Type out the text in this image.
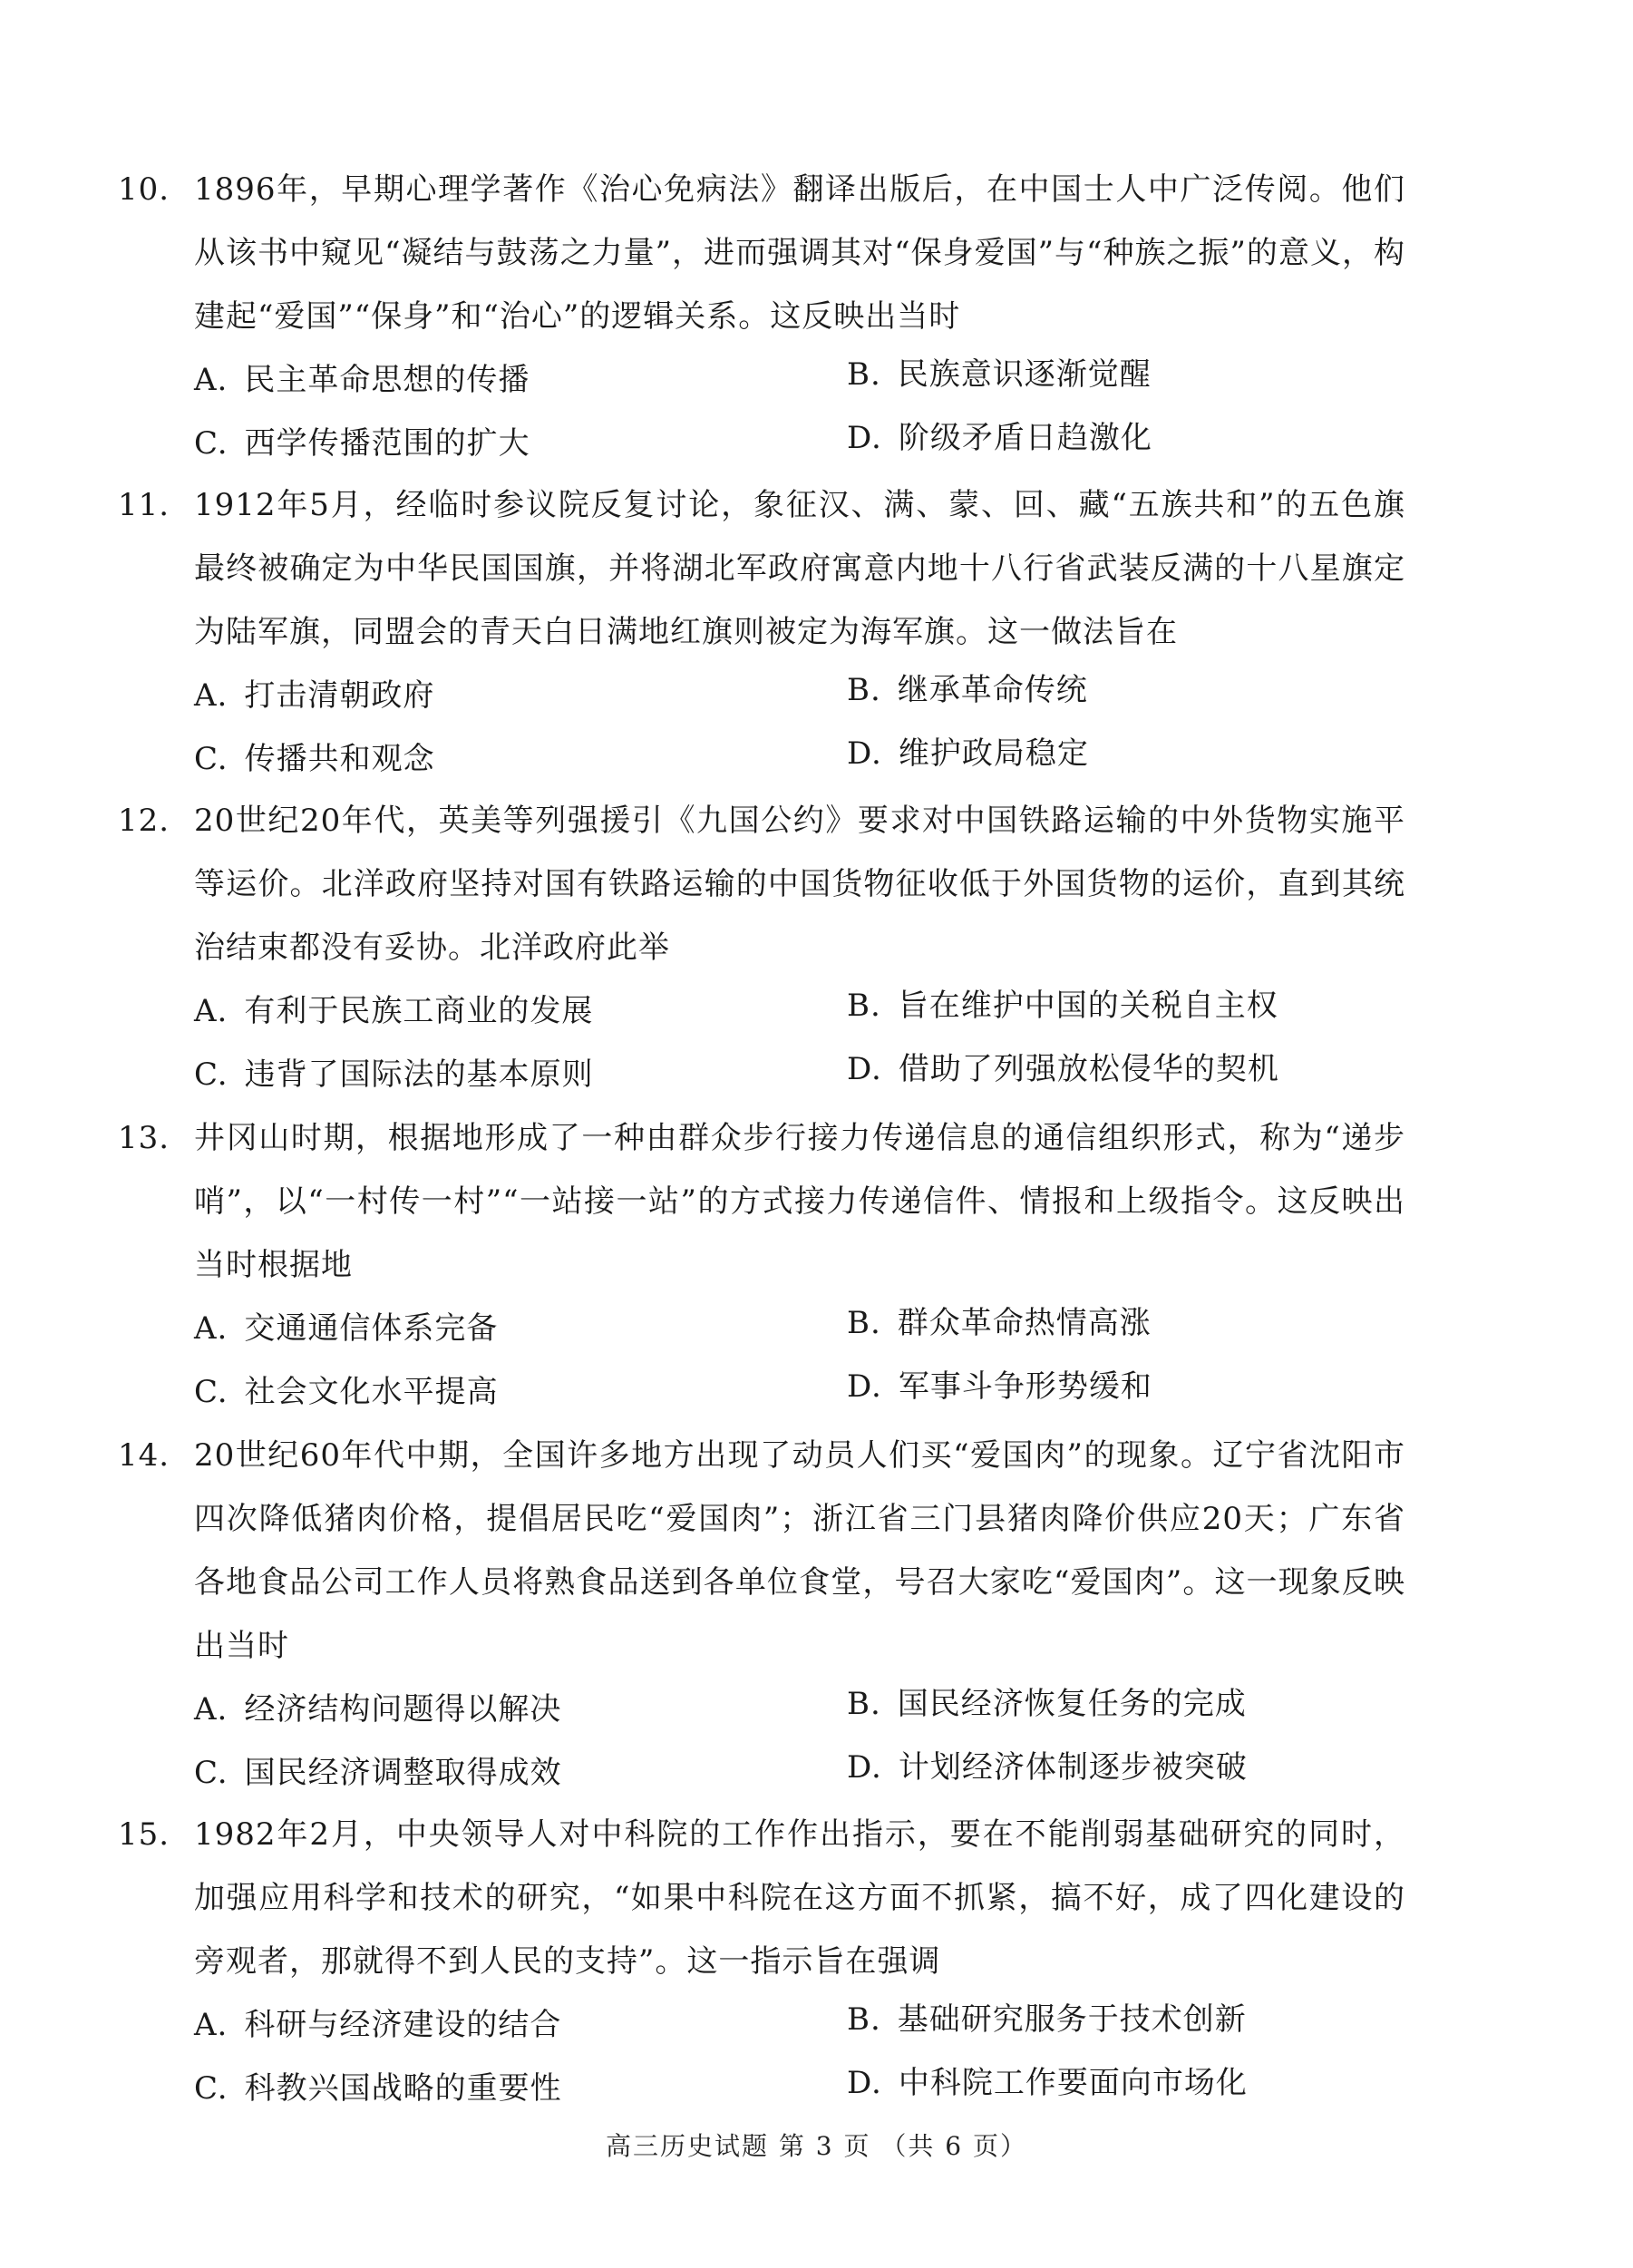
10. 1896年，早期心理学著作《治心免病法》翻译出版后，在中国士人中广泛传阅。他们从该书中窥见“凝结与鼓荡之力量”，进而强调其对“保身爱国”与“种族之振”的意义，构建起“爱国”“保身”和“治心”的逻辑关系。这反映出当时
A. 民主革命思想的传播	B. 民族意识逐渐觉醒
C. 西学传播范围的扩大	D. 阶级矛盾日趋激化
11. 1912年5月，经临时参议院反复讨论，象征汉、满、蒙、回、藏“五族共和”的五色旗最终被确定为中华民国国旗，并将湖北军政府寓意内地十八行省武装反满的十八星旗定为陆军旗，同盟会的青天白日满地红旗则被定为海军旗。这一做法旨在
A. 打击清朝政府	B. 继承革命传统
C. 传播共和观念	D. 维护政局稳定
12. 20世纪20年代，英美等列强援引《九国公约》要求对中国铁路运输的中外货物实施平等运价。北洋政府坚持对国有铁路运输的中国货物征收低于外国货物的运价，直到其统治结束都没有妥协。北洋政府此举
A. 有利于民族工商业的发展	B. 旨在维护中国的关税自主权
C. 违背了国际法的基本原则	D. 借助了列强放松侵华的契机
13. 井冈山时期，根据地形成了一种由群众步行接力传递信息的通信组织形式，称为“递步哨”，以“一村传一村”“一站接一站”的方式接力传递信件、情报和上级指令。这反映出当时根据地
A. 交通通信体系完备	B. 群众革命热情高涨
C. 社会文化水平提高	D. 军事斗争形势缓和
14. 20世纪60年代中期，全国许多地方出现了动员人们买“爱国肉”的现象。辽宁省沈阳市四次降低猪肉价格，提倡居民吃“爱国肉”；浙江省三门县猪肉降价供应20天；广东省各地食品公司工作人员将熟食品送到各单位食堂，号召大家吃“爱国肉”。这一现象反映出当时
A. 经济结构问题得以解决	B. 国民经济恢复任务的完成
C. 国民经济调整取得成效	D. 计划经济体制逐步被突破
15. 1982年2月，中央领导人对中科院的工作作出指示，要在不能削弱基础研究的同时，加强应用科学和技术的研究，“如果中科院在这方面不抓紧，搞不好，成了四化建设的旁观者，那就得不到人民的支持”。这一指示旨在强调
A. 科研与经济建设的结合	B. 基础研究服务于技术创新
C. 科教兴国战略的重要性	D. 中科院工作要面向市场化
高三历史试题 第 3 页 （共 6 页）
